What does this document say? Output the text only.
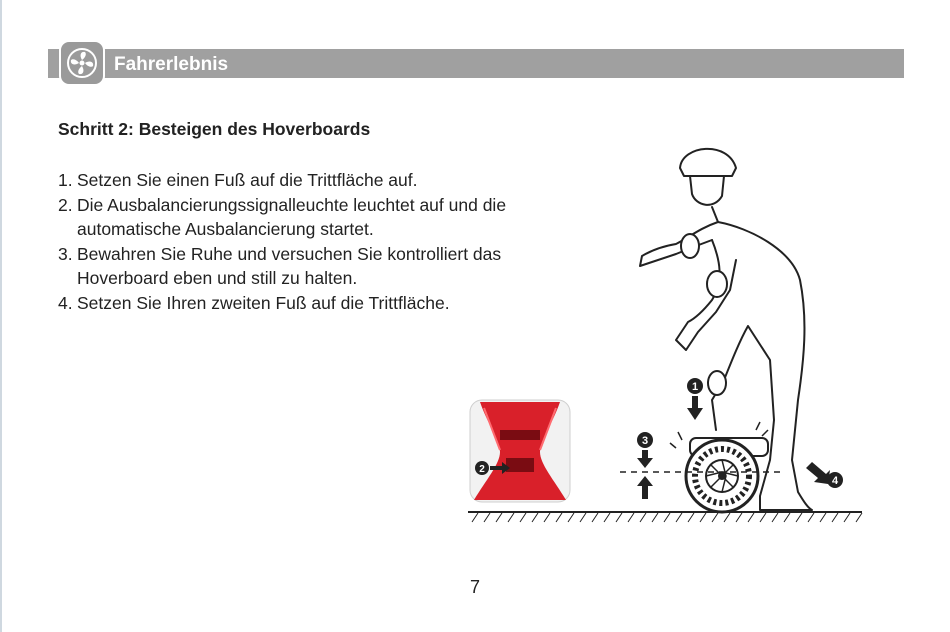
Fahrerlebnis
Schritt 2: Besteigen des Hoverboards
1. Setzen Sie einen Fuß auf die Trittfläche auf.
2. Die Ausbalancierungssignalleuchte leuchtet auf und die automatische Ausbalancierung startet.
3. Bewahren Sie Ruhe und versuchen Sie kontrolliert das Hoverboard eben und still zu halten.
4. Setzen Sie Ihren zweiten Fuß auf die Trittfläche.
1
3
4
2
7
